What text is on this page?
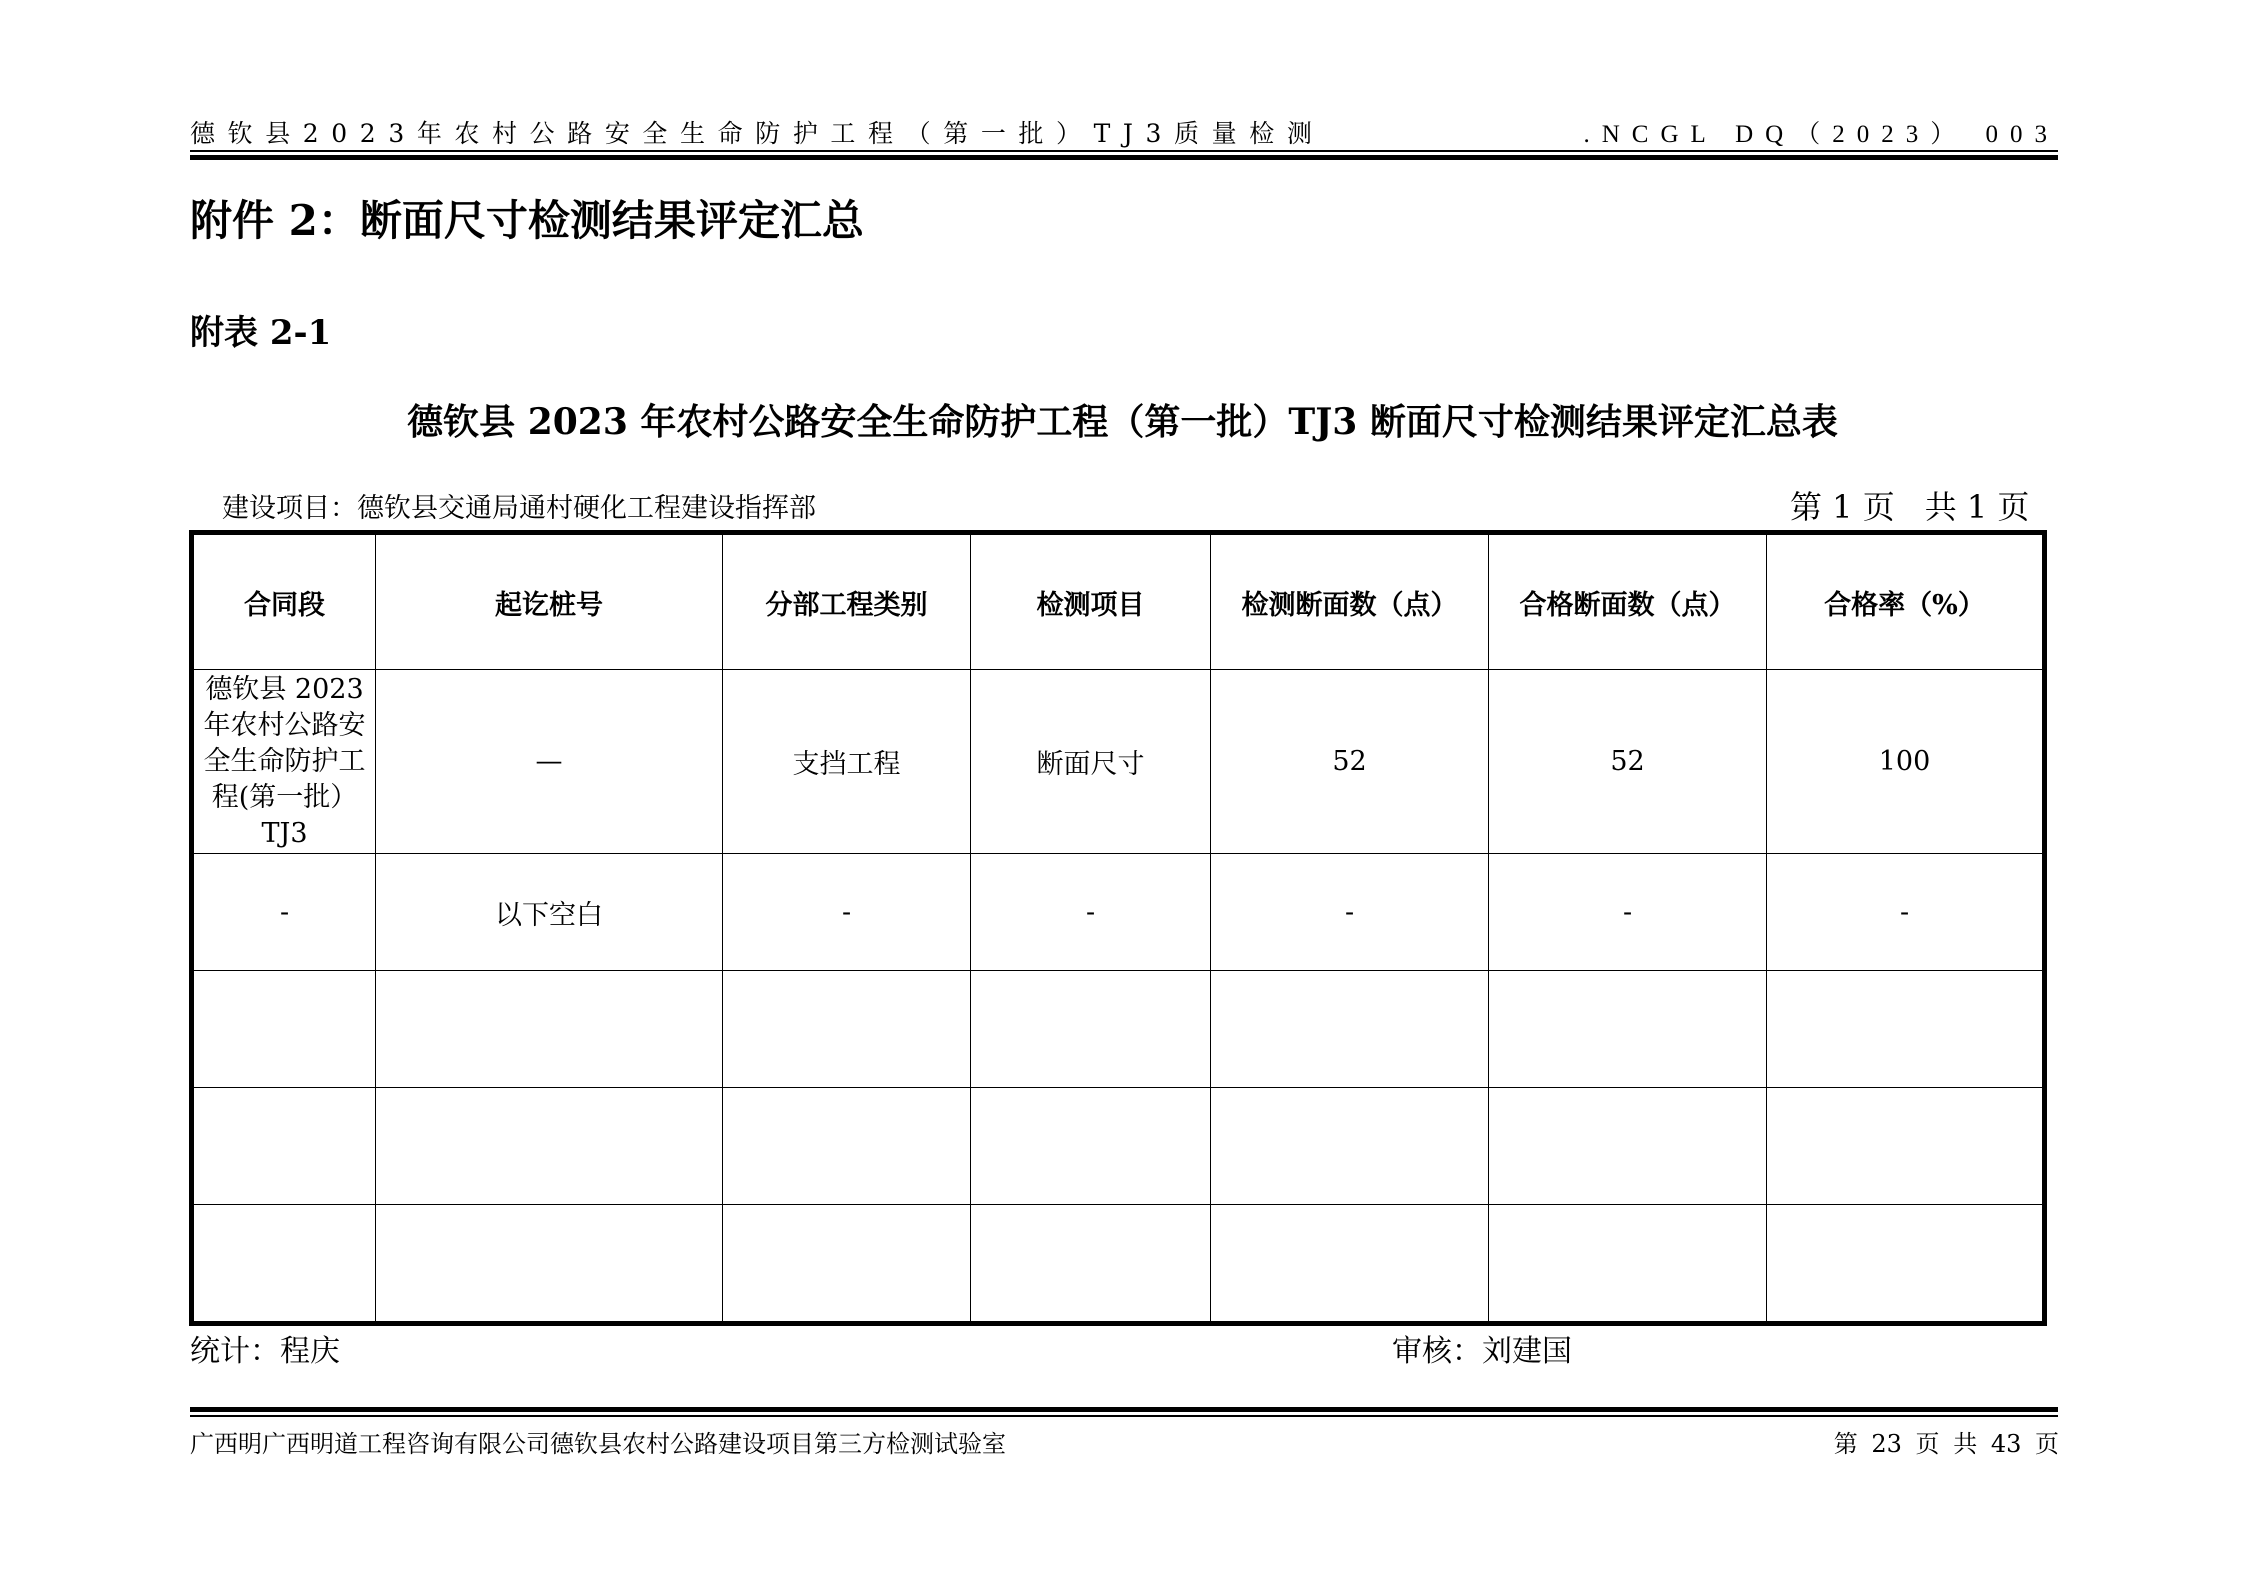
德钦县2023年农村公路安全生命防护工程（第一批）TJ3质量检测	.NCGL DQ（2023） 003
附件 2：断面尺寸检测结果评定汇总
附表 2-1
德钦县 2023 年农村公路安全生命防护工程（第一批）TJ3 断面尺寸检测结果评定汇总表
建设项目：德钦县交通局通村硬化工程建设指挥部	第 1 页 共 1 页
合同段	起讫桩号	分部工程类别	检测项目	检测断面数（点）	合格断面数（点）	合格率（%）
德钦县 2023 年农村公路安全生命防护工程(第一批）TJ3	—	支挡工程	断面尺寸	52	52	100
-	以下空白	-	-	-	-	-

统计：程庆	审核：刘建国
广西明广西明道工程咨询有限公司德钦县农村公路建设项目第三方检测试验室	第 23 页 共 43 页
